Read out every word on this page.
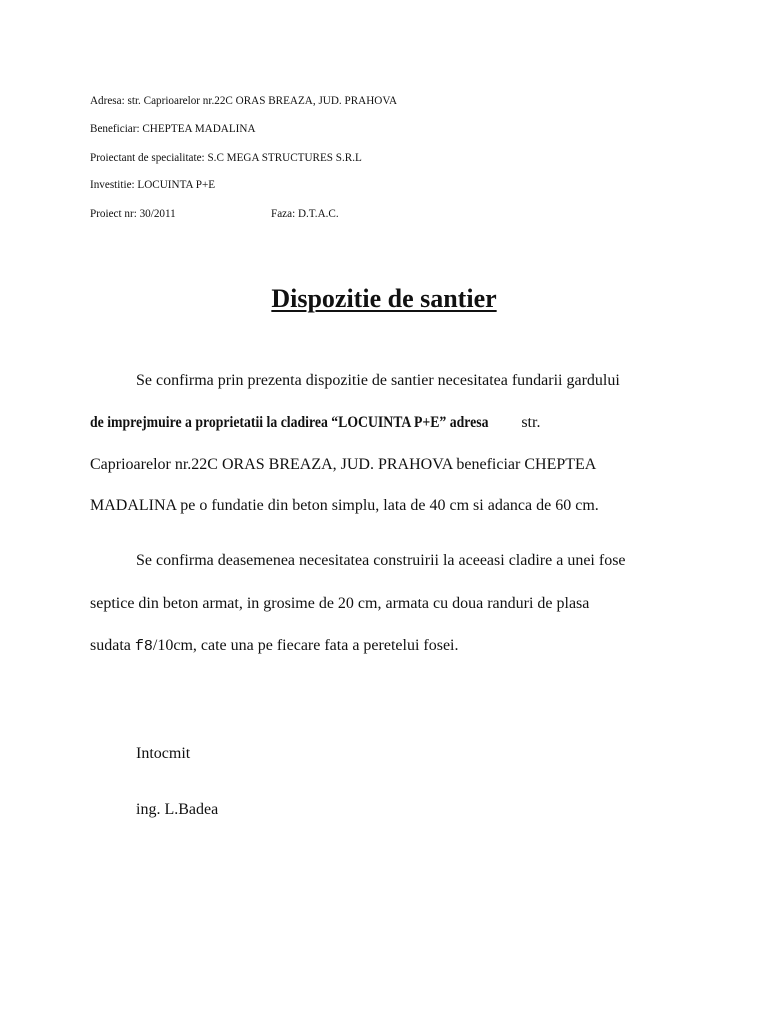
Adresa: str. Caprioarelor nr.22C ORAS BREAZA, JUD. PRAHOVA
Beneficiar: CHEPTEA MADALINA
Proiectant de specialitate: S.C MEGA STRUCTURES S.R.L
Investitie: LOCUINTA P+E
Proiect nr: 30/2011	Faza: D.T.A.C.
Dispozitie de santier
Se confirma prin prezenta dispozitie de santier necesitatea fundarii gardului
de imprejmuire a proprietatii la cladirea “LOCUINTA P+E” adresa str.
Caprioarelor nr.22C ORAS BREAZA, JUD. PRAHOVA beneficiar CHEPTEA
MADALINA pe o fundatie din beton simplu, lata de 40 cm si adanca de 60 cm.
Se confirma deasemenea necesitatea construirii la aceeasi cladire a unei fose
septice din beton armat, in grosime de 20 cm, armata cu doua randuri de plasa
sudata f8/10cm, cate una pe fiecare fata a peretelui fosei.
Intocmit
ing. L.Badea
